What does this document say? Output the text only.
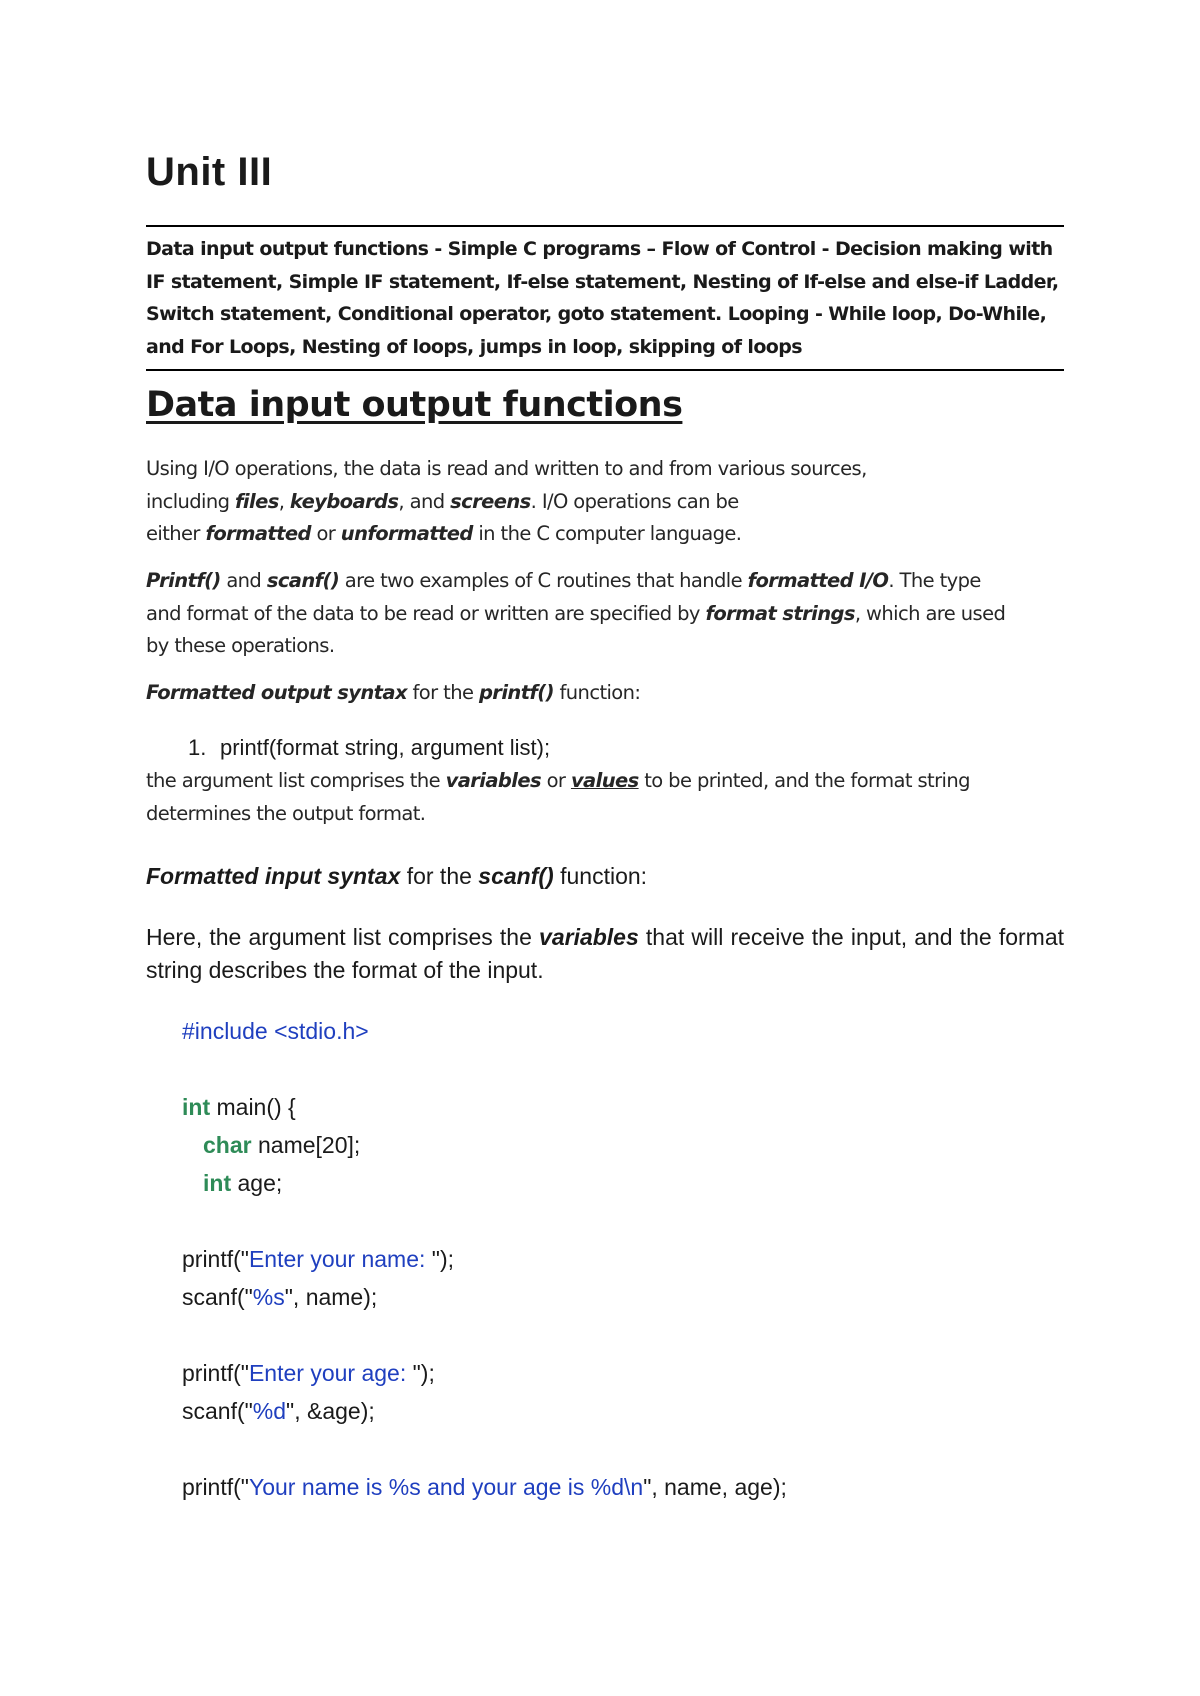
Unit III
Data input output functions - Simple C programs – Flow of Control - Decision making with IF statement, Simple IF statement, If-else statement, Nesting of If-else and else-if Ladder, Switch statement, Conditional operator, goto statement. Looping - While loop, Do-While, and For Loops, Nesting of loops, jumps in loop, skipping of loops
Data input output functions

Using I/O operations, the data is read and written to and from various sources,
including files, keyboards, and screens. I/O operations can be
either formatted or unformatted in the C computer language.

Printf() and scanf() are two examples of C routines that handle formatted I/O. The type
and format of the data to be read or written are specified by format strings, which are used
by these operations.

Formatted output syntax for the printf() function:

1. printf(format string, argument list);

the argument list comprises the variables or values to be printed, and the format string
determines the output format.

Formatted input syntax for the scanf() function:

Here, the argument list comprises the variables that will receive the input, and the format string describes the format of the input.

#include <stdio.h>
int main() {
char name[20];
int age;
printf("Enter your name: ");
scanf("%s", name);
printf("Enter your age: ");
scanf("%d", &age);
printf("Your name is %s and your age is %d\n", name, age);
